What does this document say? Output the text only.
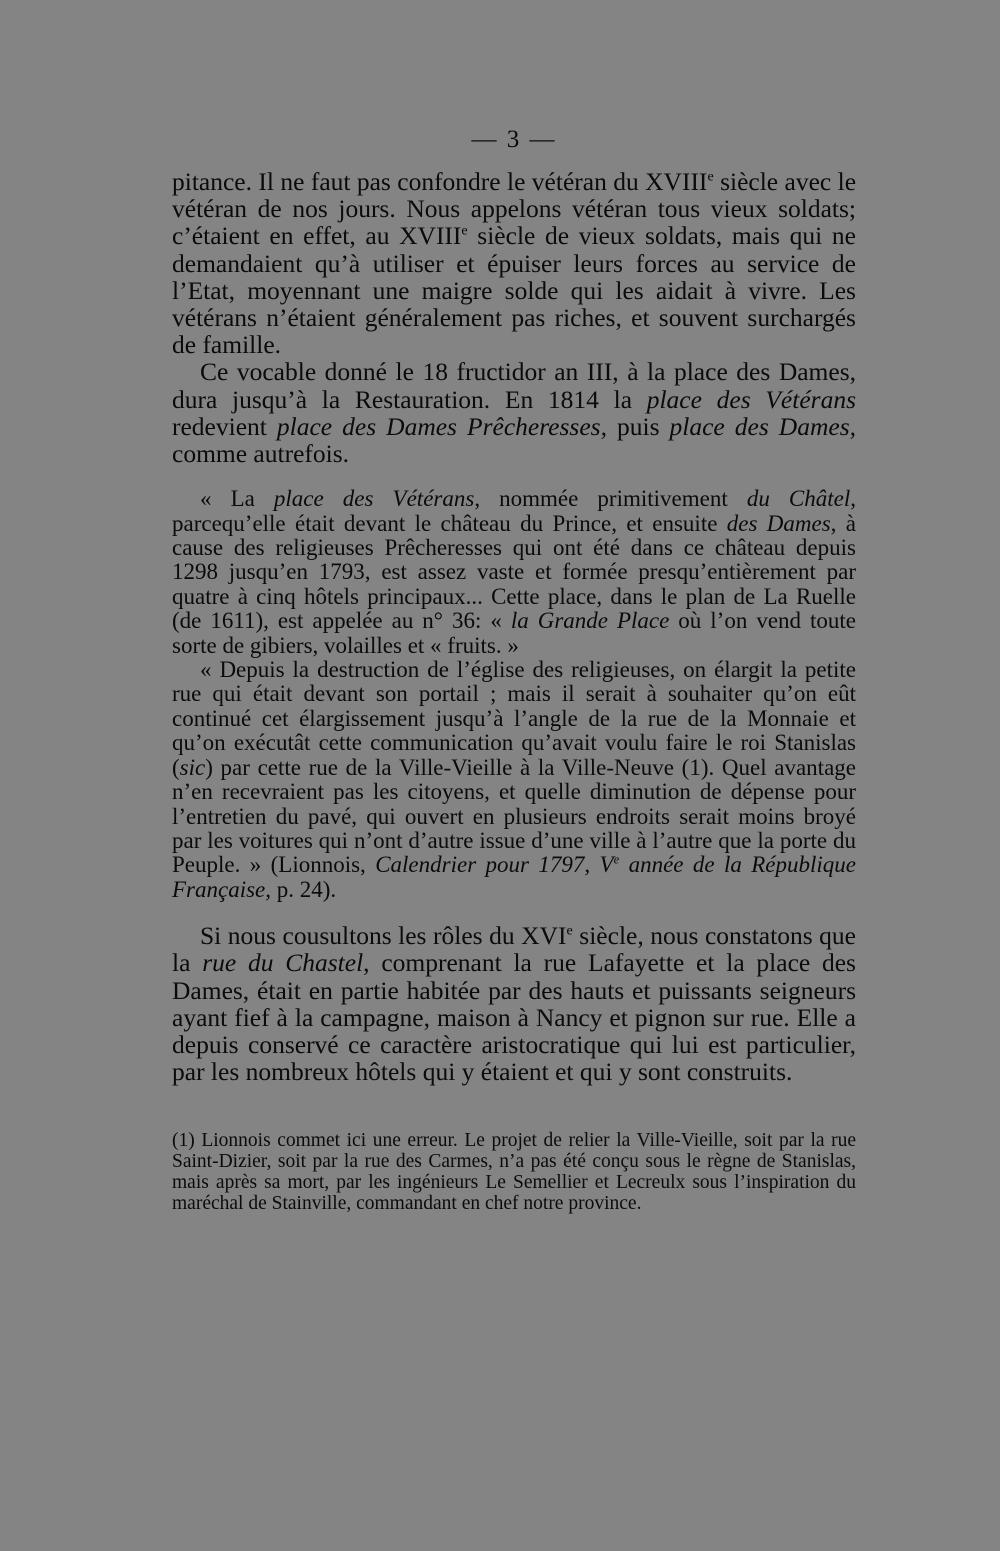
— 3 —

pitance. Il ne faut pas confondre le vétéran du XVIIIe siècle avec le vétéran de nos jours. Nous appelons vétéran tous vieux soldats; c’étaient en effet, au XVIIIe siècle de vieux soldats, mais qui ne demandaient qu’à utiliser et épuiser leurs forces au service de l’Etat, moyennant une maigre solde qui les aidait à vivre. Les vétérans n’étaient généralement pas riches, et souvent surchargés de famille.

Ce vocable donné le 18 fructidor an III, à la place des Dames, dura jusqu’à la Restauration. En 1814 la place des Vétérans redevient place des Dames Prêcheresses, puis place des Dames, comme autrefois.

« La place des Vétérans, nommée primitivement du Châtel, parcequ’elle était devant le château du Prince, et ensuite des Dames, à cause des religieuses Prêcheresses qui ont été dans ce château depuis 1298 jusqu’en 1793, est assez vaste et formée presqu’entièrement par quatre à cinq hôtels principaux... Cette place, dans le plan de La Ruelle (de 1611), est appelée au n° 36: « la Grande Place où l’on vend toute sorte de gibiers, volailles et « fruits. »

« Depuis la destruction de l’église des religieuses, on élargit la petite rue qui était devant son portail ; mais il serait à souhaiter qu’on eût continué cet élargissement jusqu’à l’angle de la rue de la Monnaie et qu’on exécutât cette communication qu’avait voulu faire le roi Stanislas (sic) par cette rue de la Ville-Vieille à la Ville-Neuve (1). Quel avantage n’en recevraient pas les citoyens, et quelle diminution de dépense pour l’entretien du pavé, qui ouvert en plusieurs endroits serait moins broyé par les voitures qui n’ont d’autre issue d’une ville à l’autre que la porte du Peuple. » (Lionnois, Calendrier pour 1797, Ve année de la République Française, p. 24).

Si nous cousultons les rôles du XVIe siècle, nous constatons que la rue du Chastel, comprenant la rue Lafayette et la place des Dames, était en partie habitée par des hauts et puissants seigneurs ayant fief à la campagne, maison à Nancy et pignon sur rue. Elle a depuis conservé ce caractère aristocratique qui lui est particulier, par les nombreux hôtels qui y étaient et qui y sont construits.

(1) Lionnois commet ici une erreur. Le projet de relier la Ville-Vieille, soit par la rue Saint-Dizier, soit par la rue des Carmes, n’a pas été conçu sous le règne de Stanislas, mais après sa mort, par les ingénieurs Le Semellier et Lecreulx sous l’inspiration du maréchal de Stainville, commandant en chef notre province.
